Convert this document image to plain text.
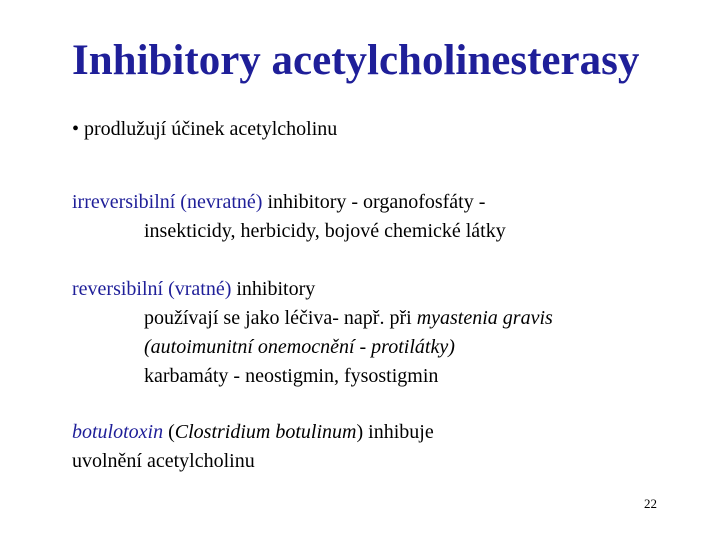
Inhibitory acetylcholinesterasy
• prodlužují účinek acetylcholinu
irreversibilní (nevratné) inhibitory - organofosfáty -
insekticidy, herbicidy, bojové chemické látky
reversibilní (vratné) inhibitory
používají se jako léčiva- např. při myastenia gravis
(autoimunitní onemocnění - protilátky)
karbamáty - neostigmin, fysostigmin
botulotoxin (Clostridium botulinum) inhibuje
uvolnění acetylcholinu
22
